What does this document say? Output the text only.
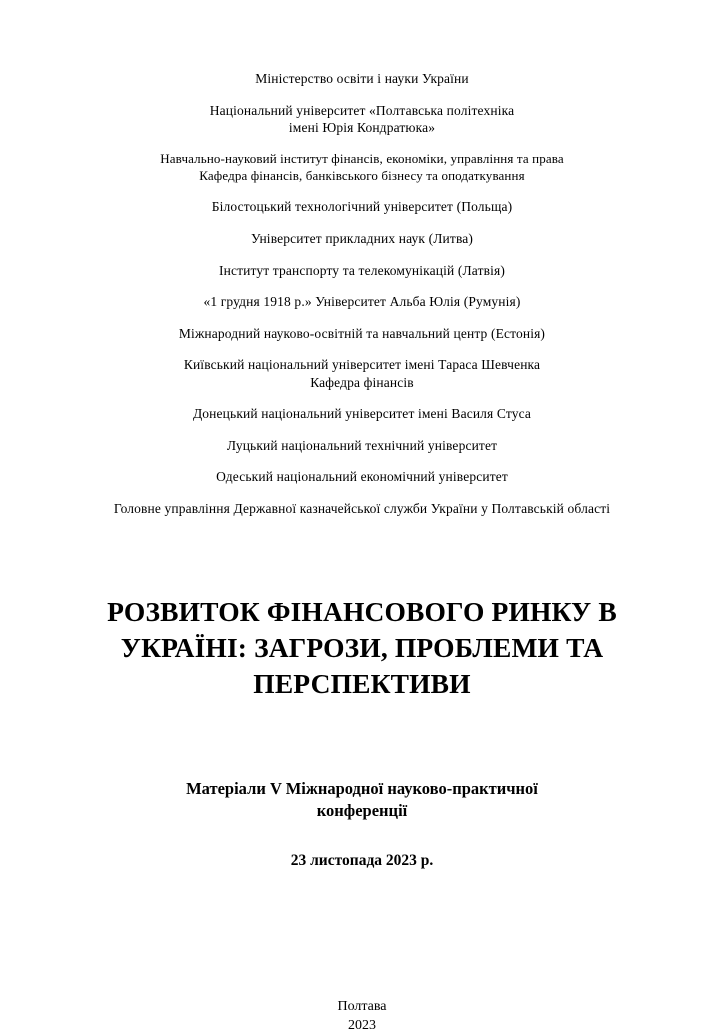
Міністерство освіти і науки України
Національний університет «Полтавська політехніка
імені Юрія Кондратюка»
Навчально-науковий інститут фінансів, економіки, управління та права
Кафедра фінансів, банківського бізнесу та оподаткування
Білостоцький технологічний університет (Польща)
Університет прикладних наук (Литва)
Інститут транспорту та телекомунікацій (Латвія)
«1 грудня 1918 р.» Університет Альба Юлія (Румунія)
Міжнародний науково-освітній та навчальний центр (Естонія)
Київський національний університет імені Тараса Шевченка
Кафедра фінансів
Донецький національний університет імені Василя Стуса
Луцький національний технічний університет
Одеський національний економічний університет
Головне управління Державної казначейської служби України у Полтавській області
РОЗВИТОК ФІНАНСОВОГО РИНКУ В УКРАЇНІ: ЗАГРОЗИ, ПРОБЛЕМИ ТА ПЕРСПЕКТИВИ
Матеріали V Міжнародної науково-практичної
конференції
23 листопада 2023 р.
Полтава
2023
